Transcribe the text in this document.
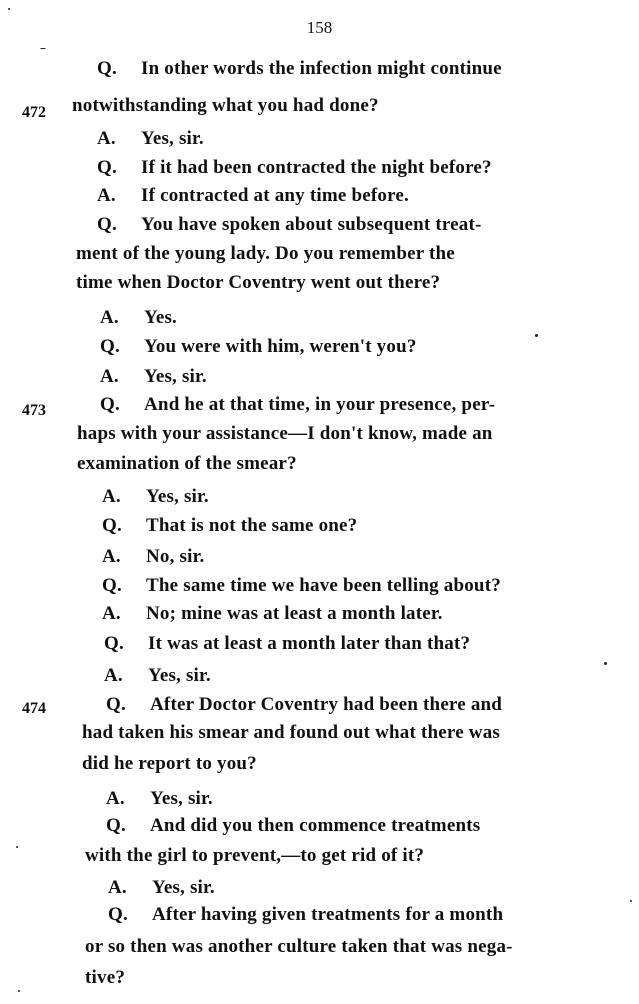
158
472
473
474
Q. In other words the infection might continue
notwithstanding what you had done?
A. Yes, sir.
Q. If it had been contracted the night before?
A. If contracted at any time before.
Q. You have spoken about subsequent treat-
ment of the young lady. Do you remember the
time when Doctor Coventry went out there?
A. Yes.
Q. You were with him, weren't you?
A. Yes, sir.
Q. And he at that time, in your presence, per-
haps with your assistance—I don't know, made an
examination of the smear?
A. Yes, sir.
Q. That is not the same one?
A. No, sir.
Q. The same time we have been telling about?
A. No; mine was at least a month later.
Q. It was at least a month later than that?
A. Yes, sir.
Q. After Doctor Coventry had been there and
had taken his smear and found out what there was
did he report to you?
A. Yes, sir.
Q. And did you then commence treatments
with the girl to prevent,—to get rid of it?
A. Yes, sir.
Q. After having given treatments for a month
or so then was another culture taken that was nega-
tive?
